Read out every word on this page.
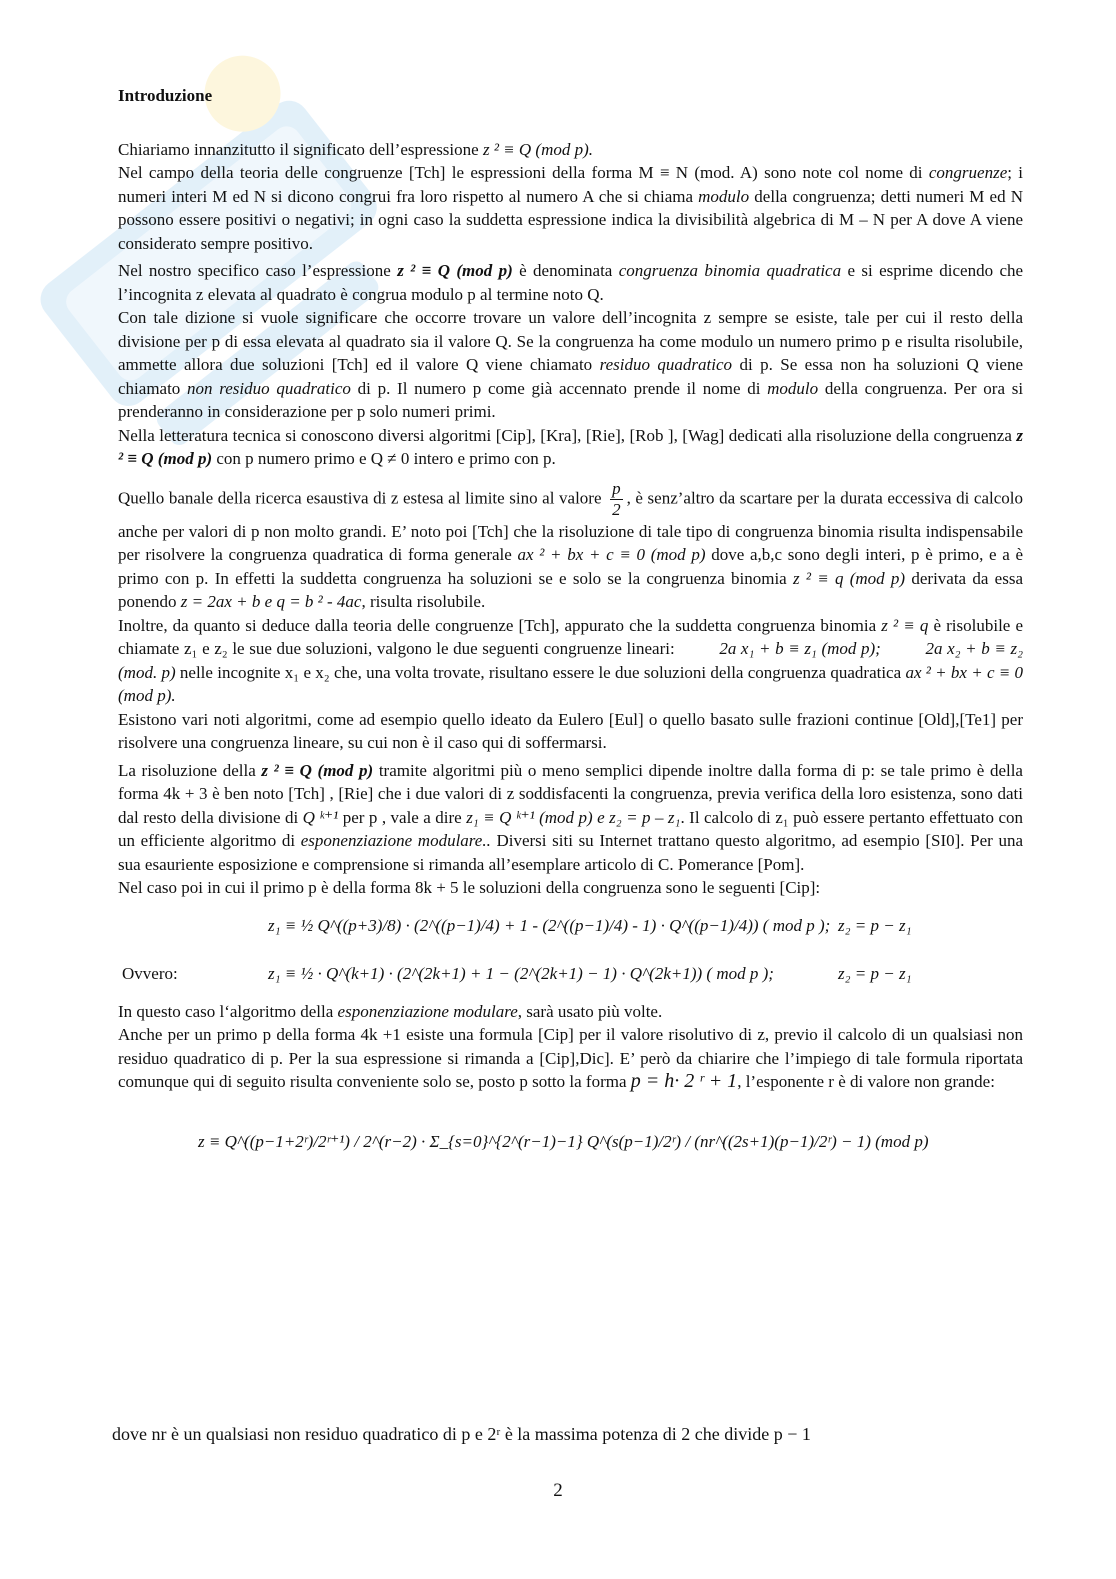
Introduzione

Chiariamo innanzitutto il significato dell’espressione z ² ≡ Q (mod p).
Nel campo della teoria delle congruenze [Tch] le espressioni della forma M ≡ N (mod. A) sono note col nome di congruenze; i numeri interi M ed N si dicono congrui fra loro rispetto al numero A che si chiama modulo della congruenza; detti numeri M ed N possono essere positivi o negativi; in ogni caso la suddetta espressione indica la divisibilità algebrica di M – N per A dove A viene considerato sempre positivo.

Nel nostro specifico caso l’espressione z ² ≡ Q (mod p) è denominata congruenza binomia quadratica e si esprime dicendo che l’incognita z elevata al quadrato è congrua modulo p al termine noto Q.
Con tale dizione si vuole significare che occorre trovare un valore dell’incognita z sempre se esiste, tale per cui il resto della divisione per p di essa elevata al quadrato sia il valore Q. Se la congruenza ha come modulo un numero primo p e risulta risolubile, ammette allora due soluzioni [Tch] ed il valore Q viene chiamato residuo quadratico di p. Se essa non ha soluzioni Q viene chiamato non residuo quadratico di p. Il numero p come già accennato prende il nome di modulo della congruenza. Per ora si prenderanno in considerazione per p solo numeri primi.

Nella letteratura tecnica si conoscono diversi algoritmi [Cip], [Kra], [Rie], [Rob ], [Wag] dedicati alla risoluzione della congruenza z ² ≡ Q (mod p) con p numero primo e Q ≠ 0 intero e primo con p.

Quello banale della ricerca esaustiva di z estesa al limite sino al valore $\frac{p}{2}$ , è senz’altro da scartare per la durata eccessiva di calcolo anche per valori di p non molto grandi. E’ noto poi [Tch] che la risoluzione di tale tipo di congruenza binomia risulta indispensabile per risolvere la congruenza quadratica di forma generale ax ² + bx + c ≡ 0 (mod p) dove a,b,c sono degli interi, p è primo, e a è primo con p. In effetti la suddetta congruenza ha soluzioni se e solo se la congruenza binomia z ² ≡ q (mod p) derivata da essa ponendo z = 2ax + b e q = b ² - 4ac, risulta risolubile.

Inoltre, da quanto si deduce dalla teoria delle congruenze [Tch], appurato che la suddetta congruenza binomia z ² ≡ q è risolubile e chiamate z₁ e z₂ le sue due soluzioni, valgono le due seguenti congruenze lineari:	2a x₁ + b ≡ z₁ (mod p);	2a x₂ + b ≡ z₂ (mod. p) nelle incognite x₁ e x₂ che, una volta trovate, risultano essere le due soluzioni della congruenza quadratica ax ² + bx + c ≡ 0 (mod p).
Esistono vari noti algoritmi, come ad esempio quello ideato da Eulero [Eul] o quello basato sulle frazioni continue [Old],[Te1] per risolvere una congruenza lineare, su cui non è il caso qui di soffermarsi.

La risoluzione della z ² ≡ Q (mod p) tramite algoritmi più o meno semplici dipende inoltre dalla forma di p: se tale primo è della forma 4k + 3 è ben noto [Tch] , [Rie] che i due valori di z soddisfacenti la congruenza, previa verifica della loro esistenza, sono dati dal resto della divisione di Q ᵏ⁺¹ per p , vale a dire z₁ ≡ Q ᵏ⁺¹ (mod p) e z₂ = p – z₁. Il calcolo di z₁ può essere pertanto effettuato con un efficiente algoritmo di esponenziazione modulare.. Diversi siti su Internet trattano questo algoritmo, ad esempio [SI0]. Per una sua esauriente esposizione e comprensione si rimanda all’esemplare articolo di C. Pomerance [Pom].
Nel caso poi in cui il primo p è della forma 8k + 5 le soluzioni della congruenza sono le seguenti [Cip]:

z₁ ≡ ½ Q^((p+3)/8) · (2^((p−1)/4) + 1 - (2^((p−1)/4) - 1) · Q^((p−1)/4)) ( mod p ); z₂ = p − z₁
Ovvero:	z₁ ≡ ½ · Q^(k+1) · (2^(2k+1) + 1 − (2^(2k+1) − 1) · Q^(2k+1)) ( mod p );	z₂ = p − z₁

In questo caso l‘algoritmo della esponenziazione modulare, sarà usato più volte.
Anche per un primo p della forma 4k +1 esiste una formula [Cip] per il valore risolutivo di z, previo il calcolo di un qualsiasi non residuo quadratico di p. Per la sua espressione si rimanda a [Cip],Dic]. E’ però da chiarire che l’impiego di tale formula riportata comunque qui di seguito risulta conveniente solo se, posto p sotto la forma p = h· 2 ʳ + 1, l’esponente r è di valore non grande:

z ≡ Q^((p−1+2ʳ)/2ʳ⁺¹) / 2^(r−2) · Σ_{s=0}^{2^(r−1)−1} Q^(s(p−1)/2ʳ) / (nr^((2s+1)(p−1)/2ʳ) − 1) (mod p)
dove nr è un qualsiasi non residuo quadratico di p e 2ʳ è la massima potenza di 2 che divide p − 1
2
